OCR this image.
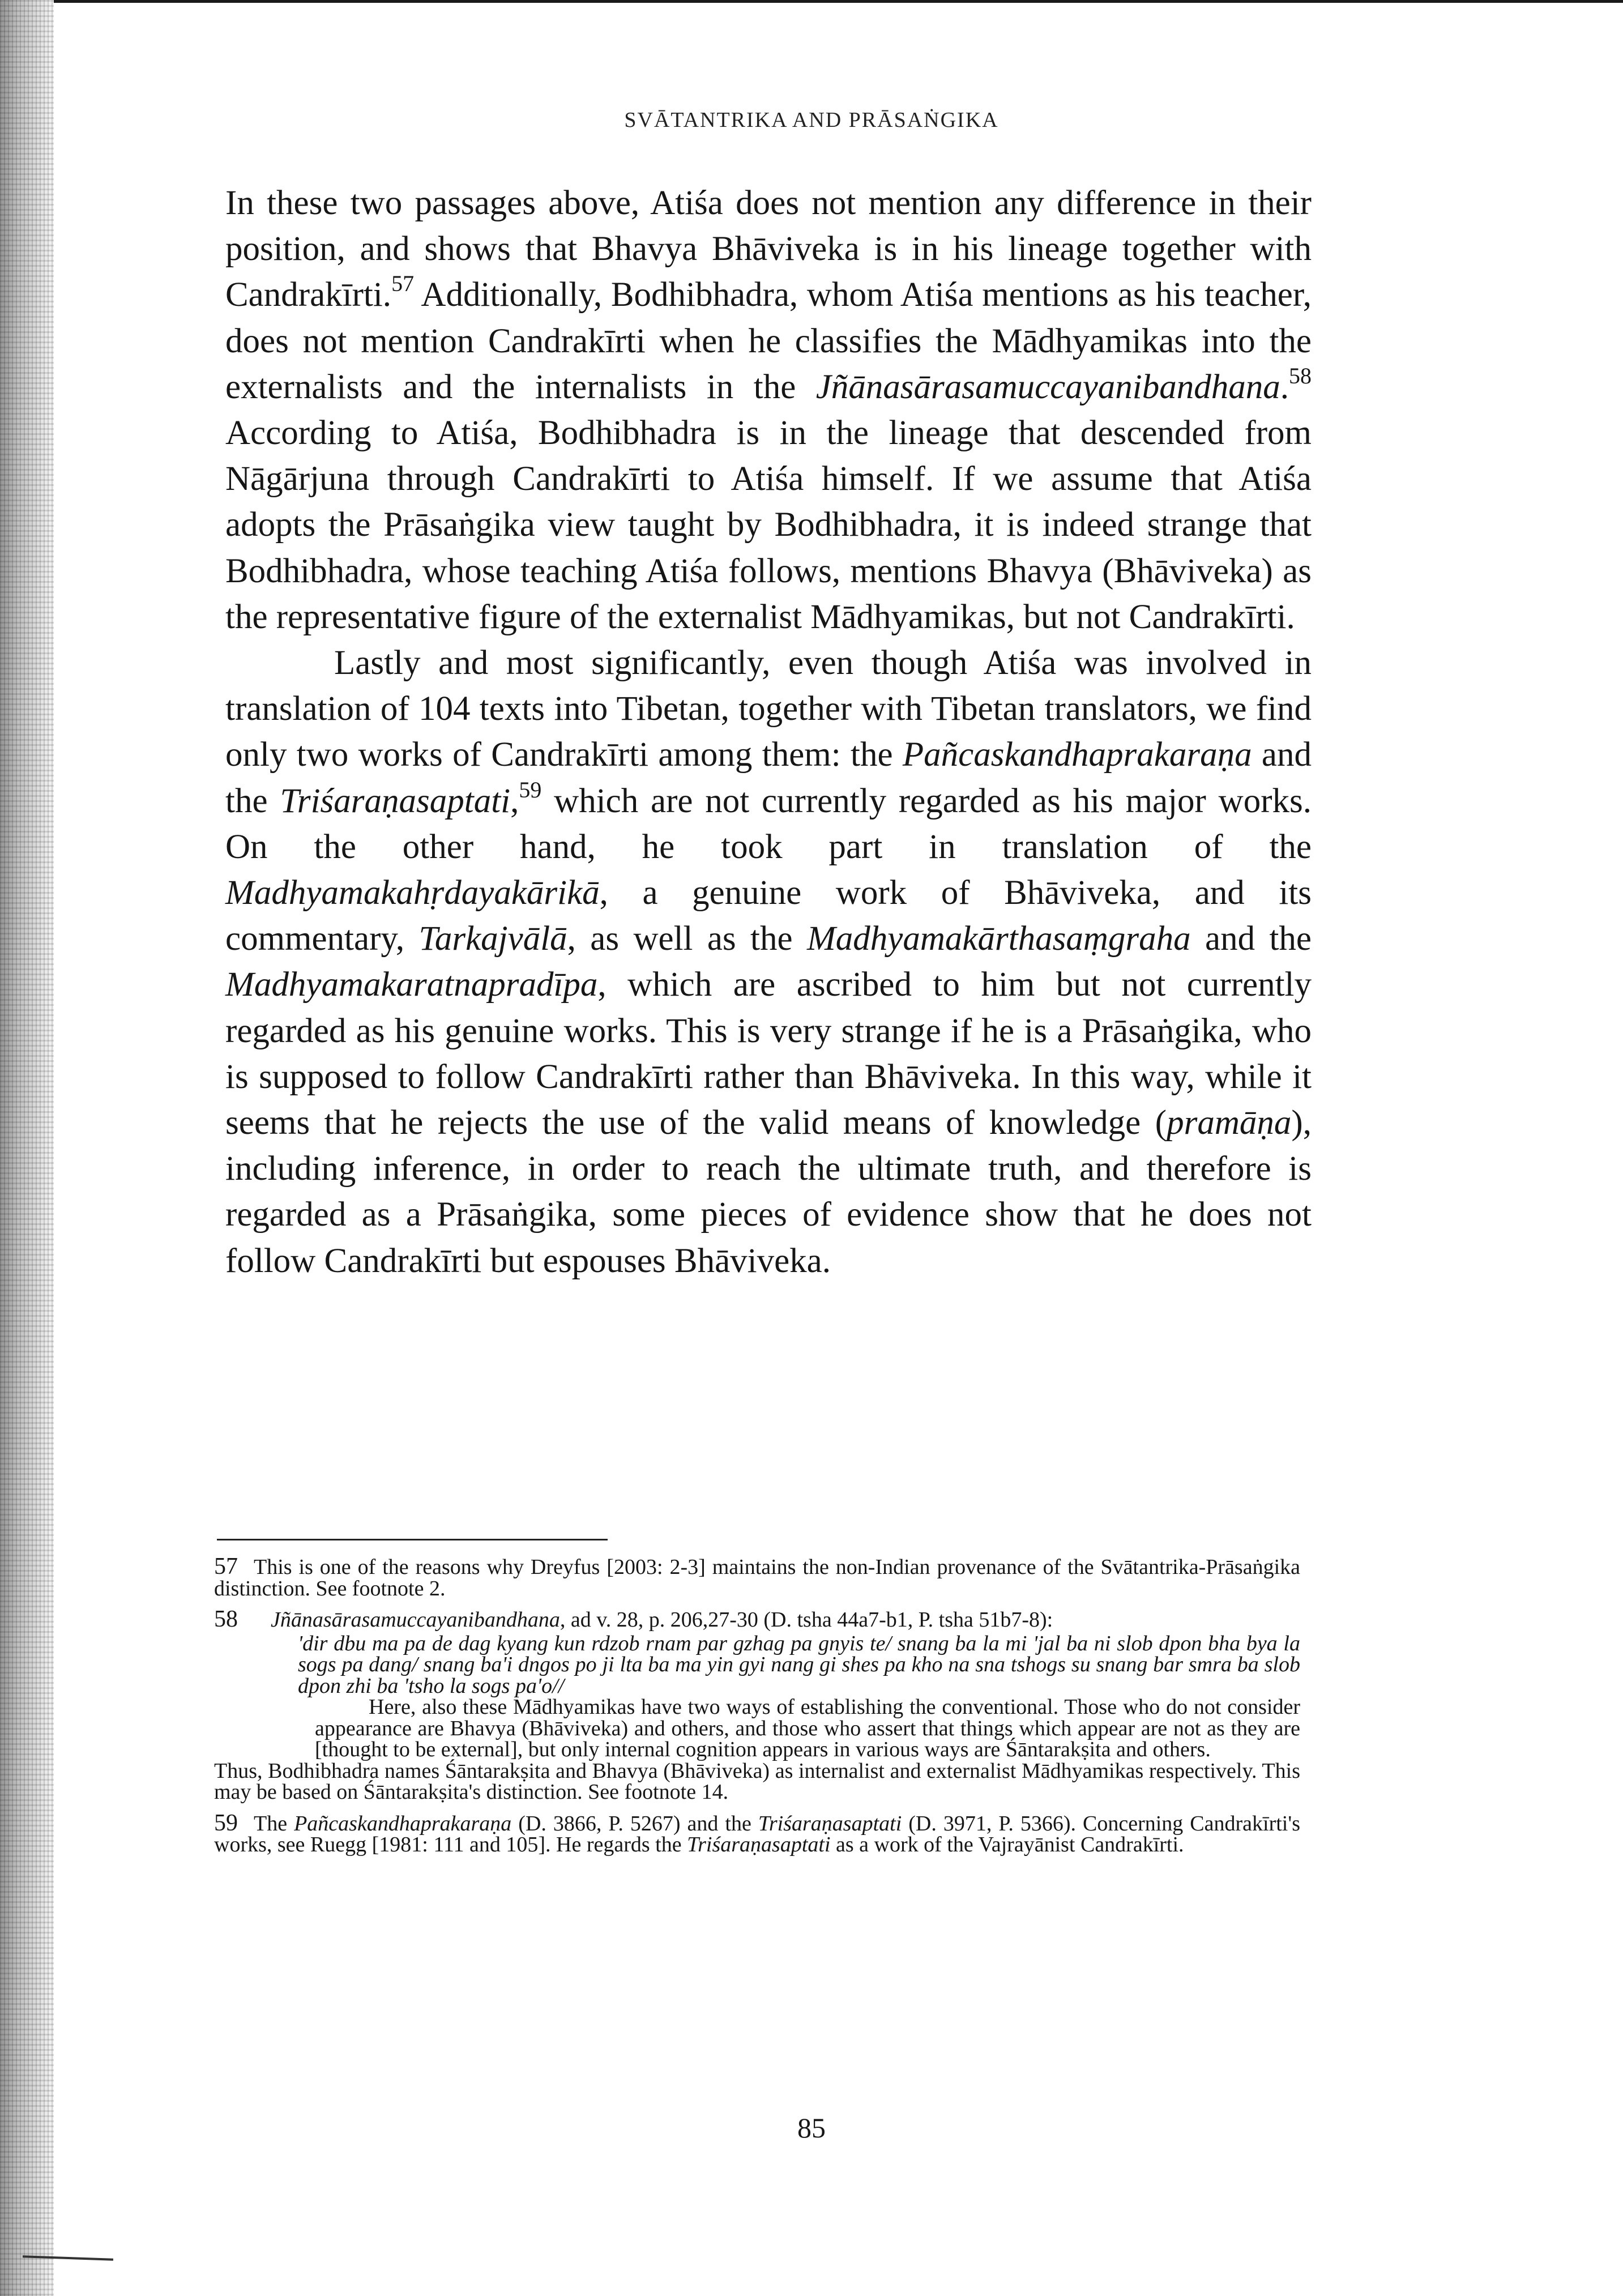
SVĀTANTRIKA AND PRĀSAṄGIKA

In these two passages above, Atiśa does not mention any difference in their position, and shows that Bhavya Bhāviveka is in his lineage together with Candrakīrti.$^{57}$ Additionally, Bodhibhadra, whom Atiśa mentions as his teacher, does not mention Candrakīrti when he classifies the Mādhyamikas into the externalists and the internalists in the Jñānasārasamuccayanibandhana.$^{58}$ According to Atiśa, Bodhibhadra is in the lineage that descended from Nāgārjuna through Candrakīrti to Atiśa himself. If we assume that Atiśa adopts the Prāsaṅgika view taught by Bodhibhadra, it is indeed strange that Bodhibhadra, whose teaching Atiśa follows, mentions Bhavya (Bhāviveka) as the representative figure of the externalist Mādhyamikas, but not Candrakīrti.

Lastly and most significantly, even though Atiśa was involved in translation of 104 texts into Tibetan, together with Tibetan translators, we find only two works of Candrakīrti among them: the Pañcaskandhaprakaraṇa and the Triśaraṇasaptati,$^{59}$ which are not currently regarded as his major works. On the other hand, he took part in translation of the Madhyamakahṛdayakārikā, a genuine work of Bhāviveka, and its commentary, Tarkajvālā, as well as the Madhyamakārthasaṃgraha and the Madhyamakaratnapradīpa, which are ascribed to him but not currently regarded as his genuine works. This is very strange if he is a Prāsaṅgika, who is supposed to follow Candrakīrti rather than Bhāviveka. In this way, while it seems that he rejects the use of the valid means of knowledge (pramāṇa), including inference, in order to reach the ultimate truth, and therefore is regarded as a Prāsaṅgika, some pieces of evidence show that he does not follow Candrakīrti but espouses Bhāviveka.

57 This is one of the reasons why Dreyfus [2003: 2-3] maintains the non-Indian provenance of the Svātantrika-Prāsaṅgika distinction. See footnote 2.

58 Jñānasārasamuccayanibandhana, ad v. 28, p. 206,27-30 (D. tsha 44a7-b1, P. tsha 51b7-8):

'dir dbu ma pa de dag kyang kun rdzob rnam par gzhag pa gnyis te/ snang ba la mi 'jal ba ni slob dpon bha bya la sogs pa dang/ snang ba'i dngos po ji lta ba ma yin gyi nang gi shes pa kho na sna tshogs su snang bar smra ba slob dpon zhi ba 'tsho la sogs pa'o//

Here, also these Mādhyamikas have two ways of establishing the conventional. Those who do not consider appearance are Bhavya (Bhāviveka) and others, and those who assert that things which appear are not as they are [thought to be external], but only internal cognition appears in various ways are Śāntarakṣita and others.

Thus, Bodhibhadra names Śāntarakṣita and Bhavya (Bhāviveka) as internalist and externalist Mādhyamikas respectively. This may be based on Śāntarakṣita's distinction. See footnote 14.

59 The Pañcaskandhaprakaraṇa (D. 3866, P. 5267) and the Triśaraṇasaptati (D. 3971, P. 5366). Concerning Candrakīrti's works, see Ruegg [1981: 111 and 105]. He regards the Triśaraṇasaptati as a work of the Vajrayānist Candrakīrti.

85
